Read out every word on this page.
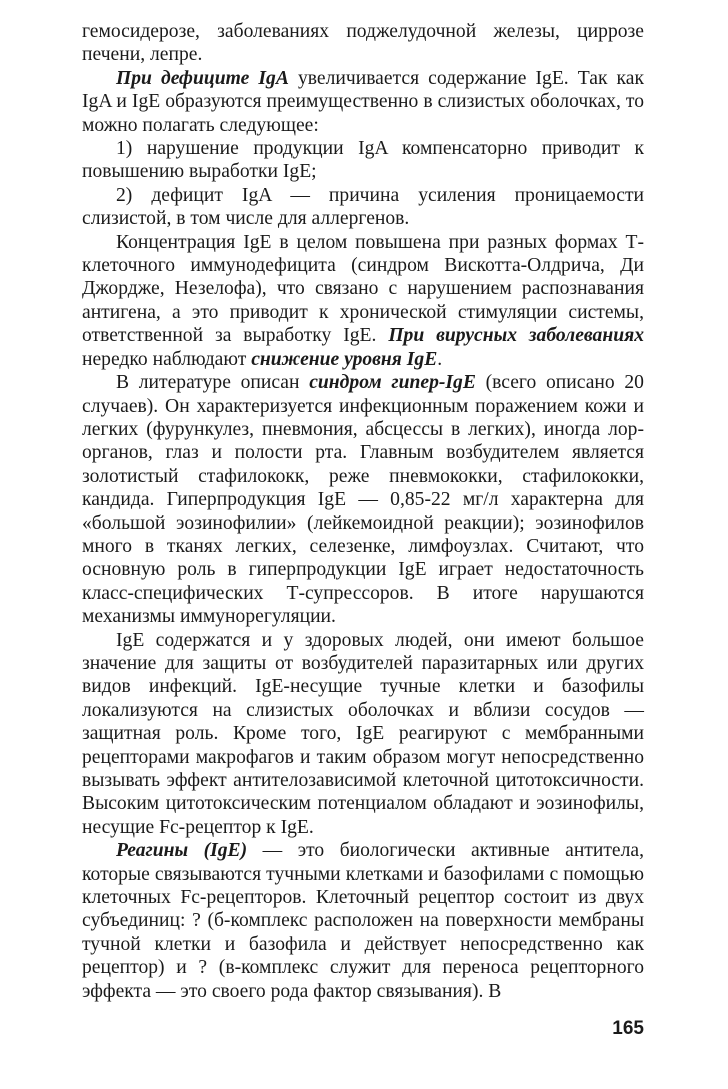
гемосидерозе, заболеваниях поджелудочной железы, циррозе печени, лепре.

При дефиците IgA увеличивается содержание IgE. Так как IgA и IgE образуются преимущественно в слизистых оболочках, то можно полагать следующее:

1) нарушение продукции IgA компенсаторно приводит к повышению выработки IgE;

2) дефицит IgA — причина усиления проницаемости слизистой, в том числе для аллергенов.

Концентрация IgE в целом повышена при разных формах Т-клеточного иммунодефицита (синдром Вискотта-Олдрича, Ди Джордже, Незелофа), что связано с нарушением распознавания антигена, а это приводит к хронической стимуляции системы, ответственной за выработку IgE. При вирусных заболеваниях нередко наблюдают снижение уровня IgE.

В литературе описан синдром гипер-IgE (всего описано 20 случаев). Он характеризуется инфекционным поражением кожи и легких (фурункулез, пневмония, абсцессы в легких), иногда лор-органов, глаз и полости рта. Главным возбудителем является золотистый стафилококк, реже пневмококки, стафилококки, кандида. Гиперпродукция IgE — 0,85-22 мг/л характерна для «большой эозинофилии» (лейкемоидной реакции); эозинофилов много в тканях легких, селезенке, лимфоузлах. Считают, что основную роль в гиперпродукции IgE играет недостаточность класс-специфических Т-супрессоров. В итоге нарушаются механизмы иммунорегуляции.

IgE содержатся и у здоровых людей, они имеют большое значение для защиты от возбудителей паразитарных или других видов инфекций. IgE-несущие тучные клетки и базофилы локализуются на слизистых оболочках и вблизи сосудов — защитная роль. Кроме того, IgE реагируют с мембранными рецепторами макрофагов и таким образом могут непосредственно вызывать эффект антителозависимой клеточной цитотоксичности. Высоким цитотоксическим потенциалом обладают и эозинофилы, несущие Fc-рецептор к IgE.

Реагины (IgE) — это биологически активные антитела, которые связываются тучными клетками и базофилами с помощью клеточных Fc-рецепторов. Клеточный рецептор состоит из двух субъединиц: ? (б-комплекс расположен на поверхности мембраны тучной клетки и базофила и действует непосредственно как рецептор) и ? (в-комплекс служит для переноса рецепторного эффекта — это своего рода фактор связывания). В

165
